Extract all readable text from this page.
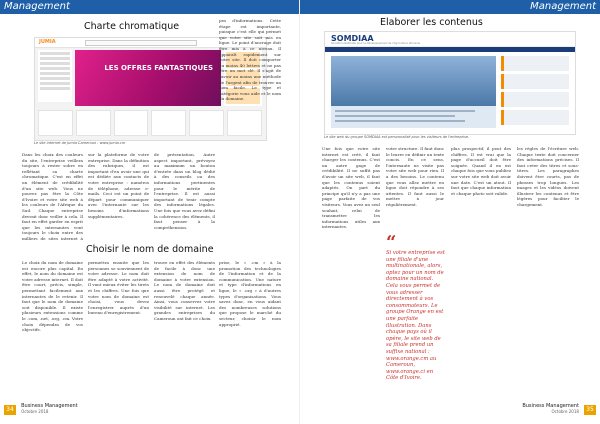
Management
Charte chromatique
JUMIA
LES OFFRES FANTASTIQUES
Le site internet de Jumia Cameroun : www.jumia.cm
Dans les choix des couleurs du site, l'entreprise veillera toujours à rester sobre en reflétant sa charte chromatique. C'est en effet un élément de crédibilité d'un site web. Vous ne pouvez pas être la Côte d'Ivoire et votre site web à les couleurs de l'Afrique du Sud. Chaque entreprise devrait donc veiller à cela. Il faut en effet garder en esprit que les internautes vont toujours le choix entre des milliers de sites internet à
sur la plateforme de votre entreprise. Dans la définition des rubriques, il est important d'en avoir une qui est dédiée aux contacts de votre entreprise : numéros de téléphone, adresse e-mails. Ceci est un point de départ pour communiquer avec l'internaute sur les besoins d'informations supplémentaires.
de présentation. Autre aspect important, prévoyez au maximum un bouton d'entrée dans un blog dédié à des conseils ou des informations pertinentes pour le mérite de l'entreprise. Il est aussi important de tenir compte des informations légales. Une fois que vous avez défini la cohérence des éléments, il faut penser à la compréhension.
pes d'informations. Cette étape est importante, puisque c'est elle qui permet que votre site soit mis en ligne. Le point d'ancrage doit être mis à ce niveau. Il apparaît rapidement sur votre site. Il doit comporter au moins 40 lettres et ne pas être un mot clé. Il s'agit de savoir au moins une méthode de l'argent afin de trouver un nom facile. Le type et catégorie vous aide et le nom du domaine.
Choisir le nom de domaine
Le choix du nom de domaine est encore plus capital. En effet, le nom du domaine est votre adresse internet. Il doit être court, précis, simple, permettant facilement aux internautes de le retenir. Il faut que le nom de domaine soit disponible. Il existe plusieurs extensions comme le .com, .net, .org, .cm. Votre choix dépendra de vos objectifs.
permettra ensuite que les personnes se souviennent de votre adresse. Le nom doit être adapté à votre activité. Il vaut mieux éviter les tirets et les chiffres. Une fois que votre nom de domaine est choisi, vous devez l'enregistrer auprès d'un bureau d'enregistrement.
trouve en effet des éléments de facile à donc une extension de nom de domaine à votre extension. Le nom de domaine doit aussi être protégé et renouvelé chaque année. Ainsi, vous conservez votre visibilité sur internet. Les grandes entreprises du Cameroun ont fait ce choix.
prise, le « .cm » à la promotion des technologies de l'information et de la communication. Une nature et type d'informations en ligne, le « .org » à d'autres types d'organisations. Vous savez donc, en vous aidant des nombreuses solutions que propose le marché du secteur, choisir le nom approprié.
34 Business Management
Octobre 2018
Management
Elaborer les contenus
SOMDIAA
Société Industrielle pour le Développement de l'Agriculture Africaine
Le site web du groupe SOMDIAA est personnalisé pour les visiteurs de l'entreprise.
Une fois que votre site internet est créé, il faut charger les contenus. C'est un autre gage de crédibilité. Il ne suffit pas d'avoir un site web, il faut que les contenus soient adaptés. On part du principe qu'il n'y a pas une page parfaite de vos visiteurs. Vous avez un seul souhait, celui de transmettre les informations utiles aux internautes.
votre structure. Il faut donc le leurre en définir un texte concis. En ce sens, l'internaute ne visite pas votre site web pour rien. Il a des besoins. Le contenu que vous allez mettre en ligne doit répondre à ses attentes. Il faut aussi le mettre à jour régulièrement.
“
Si votre entreprise est une filiale d'une multinationale, alors, optez pour un nom de domaine national. Cela vous permet de vous adresser directement à vos consommateurs. Le groupe Orange en est une parfaite illustration. Dans chaque pays où il opère, le site web de sa filiale prend un suffixe national : www.orange.cm au Cameroun, www.orange.ci en Côte d'Ivoire.
plus prospectif, il peut des chiffres. Il est vrai que la page d'accueil doit être soignée. Quand il en est chaque fois que vous publiez sur votre site web doit avoir une date. C'est un atout. Il faut que chaque information et chaque photo soit valide.
les règles de l'écriture web. Chaque texte doit concerner des informations précises. Il faut créer des titres et sous-titres. Les paragraphes doivent être courts, pas de phrases trop longues. Les images et les vidéos doivent illustrer les contenus et être légères pour faciliter le chargement.
Business Management
Octobre 2018 35
